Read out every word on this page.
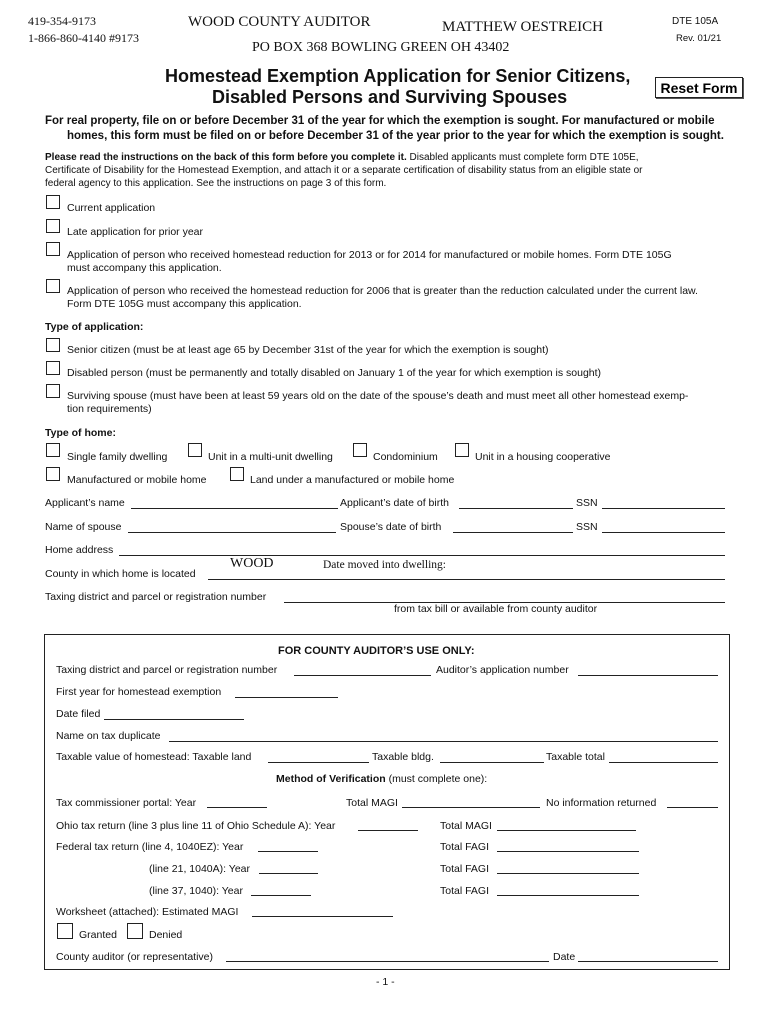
419-354-9173
1-866-860-4140 #9173
WOOD COUNTY AUDITOR	MATTHEW OESTREICH
PO BOX 368 BOWLING GREEN OH 43402
DTE 105A
Rev. 01/21
Homestead Exemption Application for Senior Citizens,
Disabled Persons and Surviving Spouses	Reset Form
For real property, file on or before December 31 of the year for which the exemption is sought. For manufactured or mobile
homes, this form must be filed on or before December 31 of the year prior to the year for which the exemption is sought.
Please read the instructions on the back of this form before you complete it. Disabled applicants must complete form DTE 105E,
Certificate of Disability for the Homestead Exemption, and attach it or a separate certification of disability status from an eligible state or
federal agency to this application. See the instructions on page 3 of this form.
Current application
Late application for prior year
Application of person who received homestead reduction for 2013 or for 2014 for manufactured or mobile homes. Form DTE 105G
must accompany this application.
Application of person who received the homestead reduction for 2006 that is greater than the reduction calculated under the current law.
Form DTE 105G must accompany this application.
Type of application:
Senior citizen (must be at least age 65 by December 31st of the year for which the exemption is sought)
Disabled person (must be permanently and totally disabled on January 1 of the year for which exemption is sought)
Surviving spouse (must have been at least 59 years old on the date of the spouse’s death and must meet all other homestead exemp-
tion requirements)
Type of home:
Single family dwelling	Unit in a multi-unit dwelling	Condominium	Unit in a housing cooperative
Manufactured or mobile home	Land under a manufactured or mobile home
Applicant’s name	Applicant’s date of birth	SSN
Name of spouse	Spouse’s date of birth	SSN
Home address
County in which home is located
WOOD	Date moved into dwelling:
Taxing district and parcel or registration number
from tax bill or available from county auditor
FOR COUNTY AUDITOR’S USE ONLY:
Taxing district and parcel or registration number	Auditor’s application number
First year for homestead exemption
Date filed
Name on tax duplicate
Taxable value of homestead: Taxable land	Taxable bldg.	Taxable total
Method of Verification (must complete one):
Tax commissioner portal: Year	Total MAGI	No information returned
Ohio tax return (line 3 plus line 11 of Ohio Schedule A): Year	Total MAGI
Federal tax return (line 4, 1040EZ): Year	Total FAGI
(line 21, 1040A): Year	Total FAGI
(line 37, 1040): Year	Total FAGI
Worksheet (attached): Estimated MAGI
Granted	Denied
County auditor (or representative)	Date
- 1 -
